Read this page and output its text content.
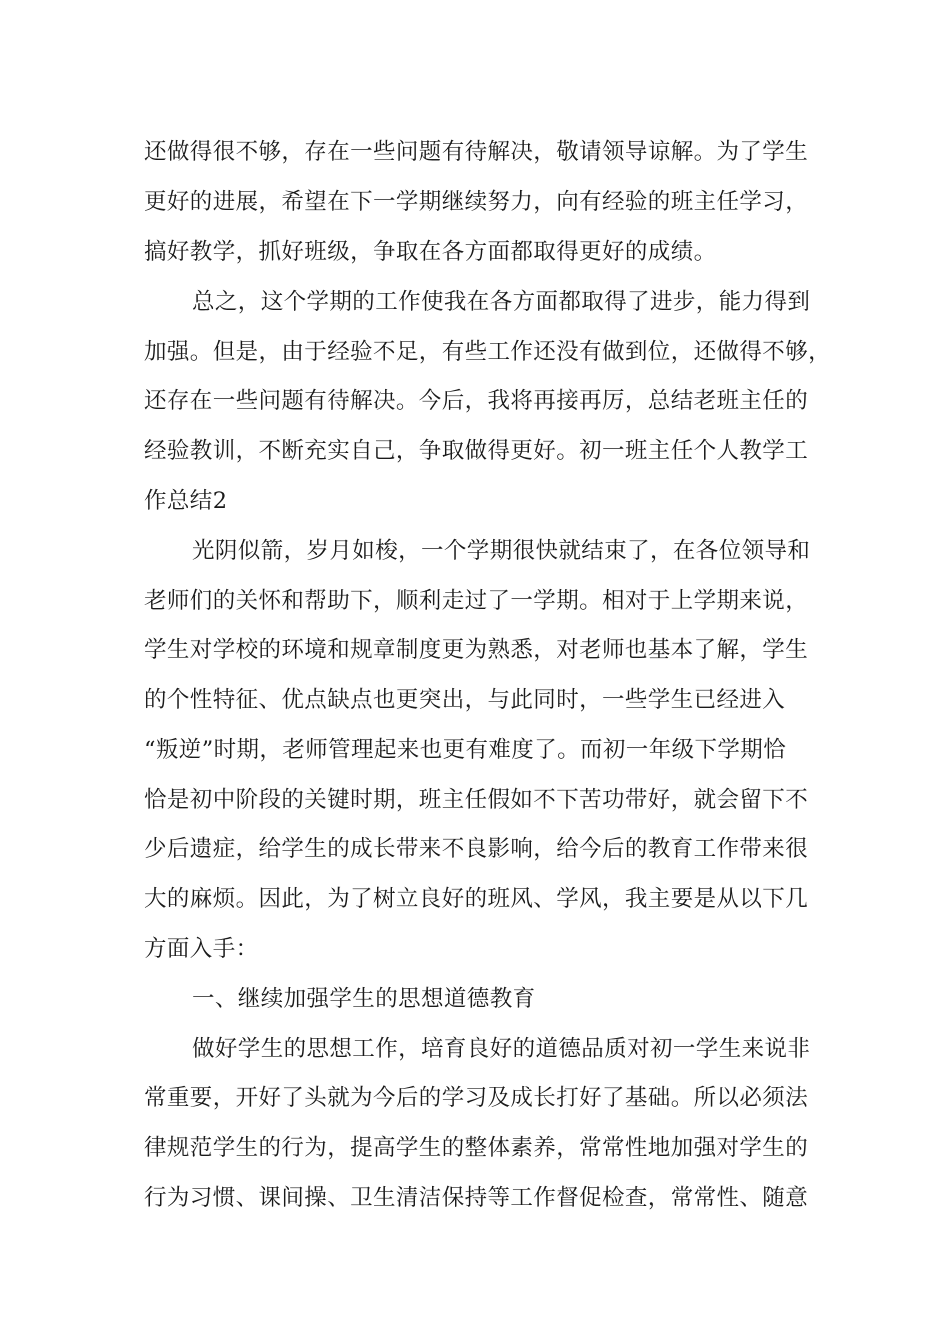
还做得很不够，存在一些问题有待解决，敬请领导谅解。为了学生
更好的进展，希望在下一学期继续努力，向有经验的班主任学习，
搞好教学，抓好班级，争取在各方面都取得更好的成绩。
总之，这个学期的工作使我在各方面都取得了进步，能力得到
加强。但是，由于经验不足，有些工作还没有做到位，还做得不够，
还存在一些问题有待解决。今后，我将再接再厉，总结老班主任的
经验教训，不断充实自己，争取做得更好。初一班主任个人教学工
作总结2
光阴似箭，岁月如梭，一个学期很快就结束了，在各位领导和
老师们的关怀和帮助下，顺利走过了一学期。相对于上学期来说，
学生对学校的环境和规章制度更为熟悉，对老师也基本了解，学生
的个性特征、优点缺点也更突出，与此同时，一些学生已经进入
“叛逆”时期，老师管理起来也更有难度了。而初一年级下学期恰
恰是初中阶段的关键时期，班主任假如不下苦功带好，就会留下不
少后遗症，给学生的成长带来不良影响，给今后的教育工作带来很
大的麻烦。因此，为了树立良好的班风、学风，我主要是从以下几
方面入手：
一、继续加强学生的思想道德教育
做好学生的思想工作，培育良好的道德品质对初一学生来说非
常重要，开好了头就为今后的学习及成长打好了基础。所以必须法
律规范学生的行为，提高学生的整体素养，常常性地加强对学生的
行为习惯、课间操、卫生清洁保持等工作督促检查，常常性、随意
